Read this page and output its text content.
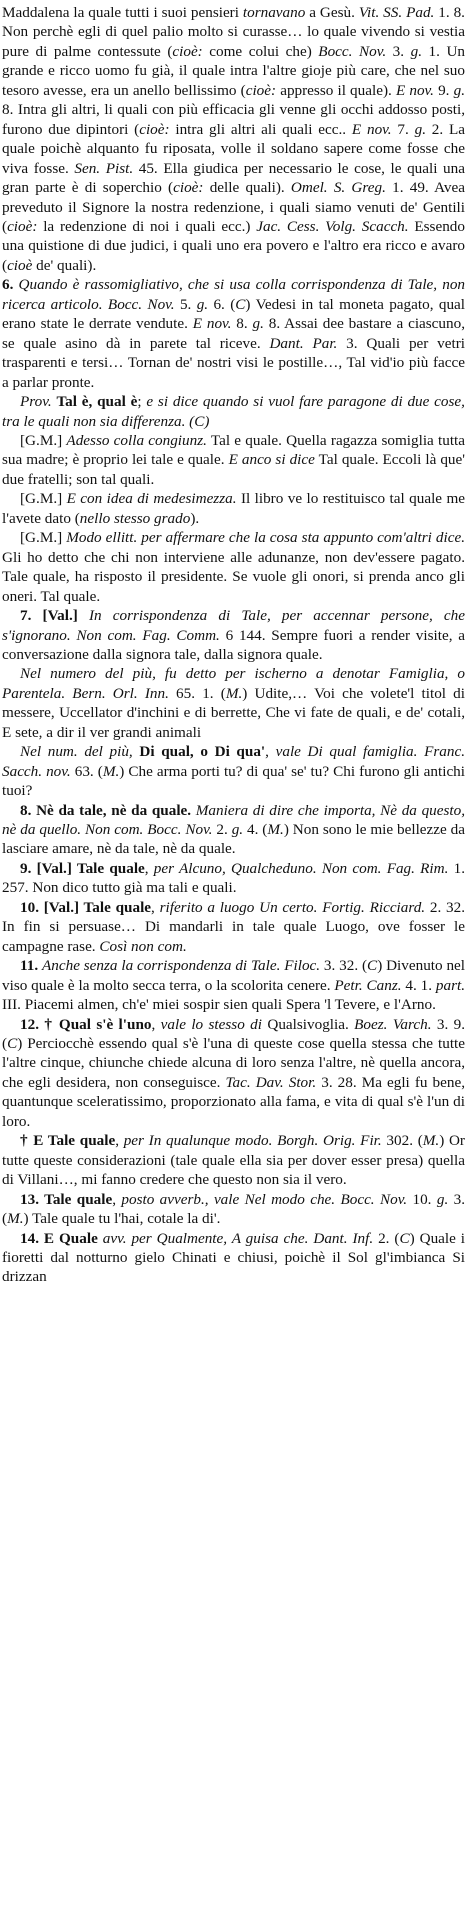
Maddalena la quale tutti i suoi pensieri tornavano a Gesù. Vit. SS. Pad. 1. 8. Non perchè egli di quel palio molto si curasse… lo quale vivendo si vestia pure di palme contessute (cioè: come colui che) Bocc. Nov. 3. g. 1. Un grande e ricco uomo fu già, il quale intra l'altre gioje più care, che nel suo tesoro avesse, era un anello bellissimo (cioè: appresso il quale). E nov. 9. g. 8. Intra gli altri, li quali con più efficacia gli venne gli occhi addosso posti, furono due dipintori (cioè: intra gli altri ali quali ecc.. E nov. 7. g. 2. La quale poichè alquanto fu riposata, volle il soldano sapere come fosse che viva fosse. Sen. Pist. 45. Ella giudica per necessario le cose, le quali una gran parte è di soperchio (cioè: delle quali). Omel. S. Greg. 1. 49. Avea preveduto il Signore la nostra redenzione, i quali siamo venuti de' Gentili (cioè: la redenzione di noi i quali ecc.) Jac. Cess. Volg. Scacch. Essendo una quistione di due judici, i quali uno era povero e l'altro era ricco e avaro (cioè de' quali).

6. Quando è rassomigliativo, che si usa colla corrispondenza di Tale, non ricerca articolo. Bocc. Nov. 5. g. 6. (C) Vedesi in tal moneta pagato, qual erano state le derrate vendute. E nov. 8. g. 8. Assai dee bastare a ciascuno, se quale asino dà in parete tal riceve. Dant. Par. 3. Quali per vetri trasparenti e tersi… Tornan de' nostri visi le postille…, Tal vid'io più facce a parlar pronte.

Prov. Tal è, qual è; e si dice quando si vuol fare paragone di due cose, tra le quali non sia differenza. (C)

[G.M.] Adesso colla congiunz. Tal e quale. Quella ragazza somiglia tutta sua madre; è proprio lei tale e quale. E anco si dice Tal quale. Eccoli là que' due fratelli; son tal quali.

[G.M.] E con idea di medesimezza. Il libro ve lo restituisco tal quale me l'avete dato (nello stesso grado).

[G.M.] Modo ellitt. per affermare che la cosa sta appunto com'altri dice. Gli ho detto che chi non interviene alle adunanze, non dev'essere pagato. Tale quale, ha risposto il presidente. Se vuole gli onori, si prenda anco gli oneri. Tal quale.

7. [Val.] In corrispondenza di Tale, per accennar persone, che s'ignorano. Non com. Fag. Comm. 6 144. Sempre fuori a render visite, a conversazione dalla signora tale, dalla signora quale.

Nel numero del più, fu detto per ischerno a denotar Famiglia, o Parentela. Bern. Orl. Inn. 65. 1. (M.) Udite,… Voi che volete'l titol di messere, Uccellator d'inchini e di berrette, Che vi fate de quali, e de' cotali, E sete, a dir il ver grandi animali

Nel num. del più, Di qual, o Di qua', vale Di qual famiglia. Franc. Sacch. nov. 63. (M.) Che arma porti tu? di qua' se' tu? Chi furono gli antichi tuoi?

8. Nè da tale, nè da quale. Maniera di dire che importa, Nè da questo, nè da quello. Non com. Bocc. Nov. 2. g. 4. (M.) Non sono le mie bellezze da lasciare amare, nè da tale, nè da quale.

9. [Val.] Tale quale, per Alcuno, Qualcheduno. Non com. Fag. Rim. 1. 257. Non dico tutto già ma tali e quali.

10. [Val.] Tale quale, riferito a luogo Un certo. Fortig. Ricciard. 2. 32. In fin si persuase… Di mandarli in tale quale Luogo, ove fosser le campagne rase. Così non com.

11. Anche senza la corrispondenza di Tale. Filoc. 3. 32. (C) Divenuto nel viso quale è la molto secca terra, o la scolorita cenere. Petr. Canz. 4. 1. part. III. Piacemi almen, ch'e' miei sospir sien quali Spera 'l Tevere, e l'Arno.

12. † Qual s'è l'uno, vale lo stesso di Qualsivoglia. Boez. Varch. 3. 9. (C) Perciocchè essendo qual s'è l'una di queste cose quella stessa che tutte l'altre cinque, chiunche chiede alcuna di loro senza l'altre, nè quella ancora, che egli desidera, non conseguisce. Tac. Dav. Stor. 3. 28. Ma egli fu bene, quantunque sceleratissimo, proporzionato alla fama, e vita di qual s'è l'un di loro.

† E Tale quale, per In qualunque modo. Borgh. Orig. Fir. 302. (M.) Or tutte queste considerazioni (tale quale ella sia per dover esser presa) quella di Villani…, mi fanno credere che questo non sia il vero.

13. Tale quale, posto avverb., vale Nel modo che. Bocc. Nov. 10. g. 3. (M.) Tale quale tu l'hai, cotale la di'.

14. E Quale avv. per Qualmente, A guisa che. Dant. Inf. 2. (C) Quale i fioretti dal notturno gielo Chinati e chiusi, poichè il Sol gl'imbianca Si drizzan
